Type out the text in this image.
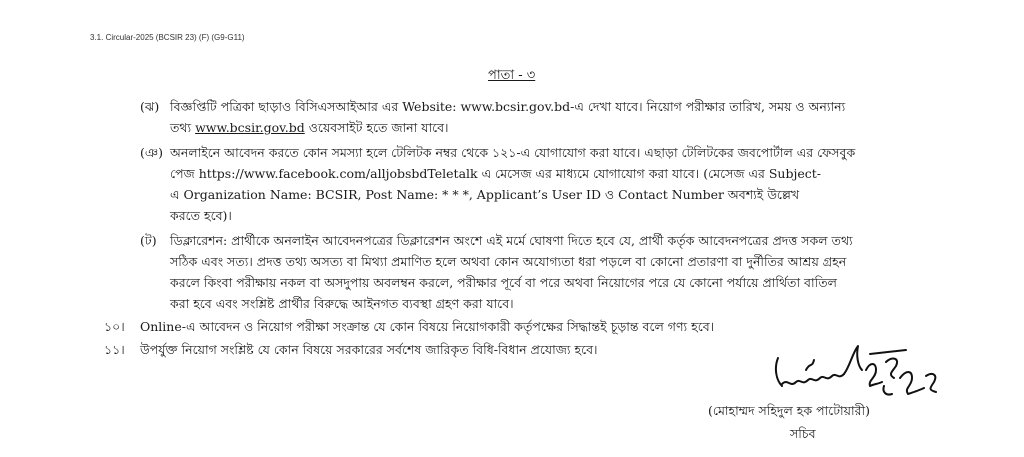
3.1. Circular-2025 (BCSIR 23) (F) (G9-G11)
পাতা - ৩
(ঝ) বিজ্ঞপ্তিটি পত্রিকা ছাড়াও বিসিএসআইআর এর Website: www.bcsir.gov.bd-এ দেখা যাবে। নিয়োগ পরীক্ষার তারিখ, সময় ও অন্যান্য

তথ্য www.bcsir.gov.bd ওয়েবসাইট হতে জানা যাবে।

(ঞ) অনলাইনে আবেদন করতে কোন সমস্যা হলে টেলিটক নম্বর থেকে ১২১-এ যোগাযোগ করা যাবে। এছাড়া টেলিটকের জবপোর্টাল এর ফেসবুক

পেজ https://www.facebook.com/alljobsbdTeletalk এ মেসেজ এর মাধ্যমে যোগাযোগ করা যাবে। (মেসেজ এর Subject-

এ Organization Name: BCSIR, Post Name: * * *, Applicant’s User ID ও Contact Number অবশ্যই উল্লেখ

করতে হবে)।

(ট) ডিক্লারেশন: প্রার্থীকে অনলাইন আবেদনপত্রের ডিক্লারেশন অংশে এই মর্মে ঘোষণা দিতে হবে যে, প্রার্থী কর্তৃক আবেদনপত্রের প্রদত্ত সকল তথ্য

সঠিক এবং সত্য। প্রদত্ত তথ্য অসত্য বা মিথ্যা প্রমাণিত হলে অথবা কোন অযোগ্যতা ধরা পড়লে বা কোনো প্রতারণা বা দুর্নীতির আশ্রয় গ্রহন

করলে কিংবা পরীক্ষায় নকল বা অসদুপায় অবলম্বন করলে, পরীক্ষার পূর্বে বা পরে অথবা নিয়োগের পরে যে কোনো পর্যায়ে প্রার্থিতা বাতিল

করা হবে এবং সংশ্লিষ্ট প্রার্থীর বিরুদ্ধে আইনগত ব্যবস্থা গ্রহণ করা যাবে।

১০। Online-এ আবেদন ও নিয়োগ পরীক্ষা সংক্রান্ত যে কোন বিষয়ে নিয়োগকারী কর্তৃপক্ষের সিদ্ধান্তই চূড়ান্ত বলে গণ্য হবে।
১১। উপর্যুক্ত নিয়োগ সংশ্লিষ্ট যে কোন বিষয়ে সরকারের সর্বশেষ জারিকৃত বিধি-বিধান প্রযোজ্য হবে।
(মোহাম্মদ সহিদুল হক পাটোয়ারী)
সচিব
